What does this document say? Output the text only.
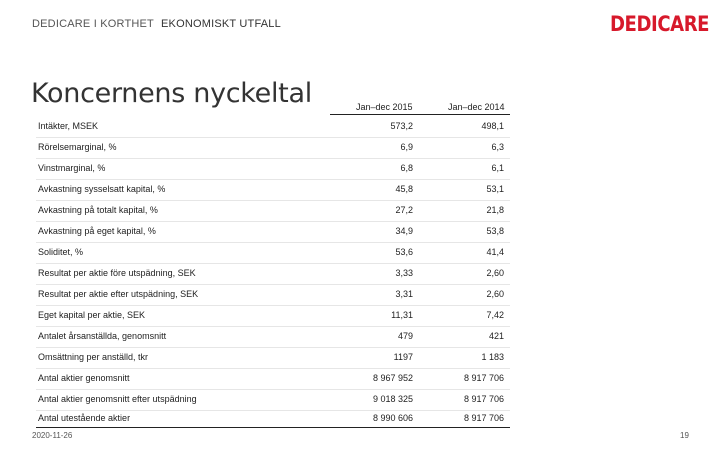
DEDICARE I KORTHET EKONOMISKT UTFALL	DEDICARE
Koncernens nyckeltal	Jan–dec 2015	Jan–dec 2014
Intäkter, MSEK	573,2	498,1
Rörelsemarginal, %	6,9	6,3
Vinstmarginal, %	6,8	6,1
Avkastning sysselsatt kapital, %	45,8	53,1
Avkastning på totalt kapital, %	27,2	21,8
Avkastning på eget kapital, %	34,9	53,8
Soliditet, %	53,6	41,4
Resultat per aktie före utspädning, SEK	3,33	2,60
Resultat per aktie efter utspädning, SEK	3,31	2,60
Eget kapital per aktie, SEK	11,31	7,42
Antalet årsanställda, genomsnitt	479	421
Omsättning per anställd, tkr	1197	1 183
Antal aktier genomsnitt	8 967 952	8 917 706
Antal aktier genomsnitt efter utspädning	9 018 325	8 917 706
Antal utestående aktier	8 990 606	8 917 706
2020-11-26	19
